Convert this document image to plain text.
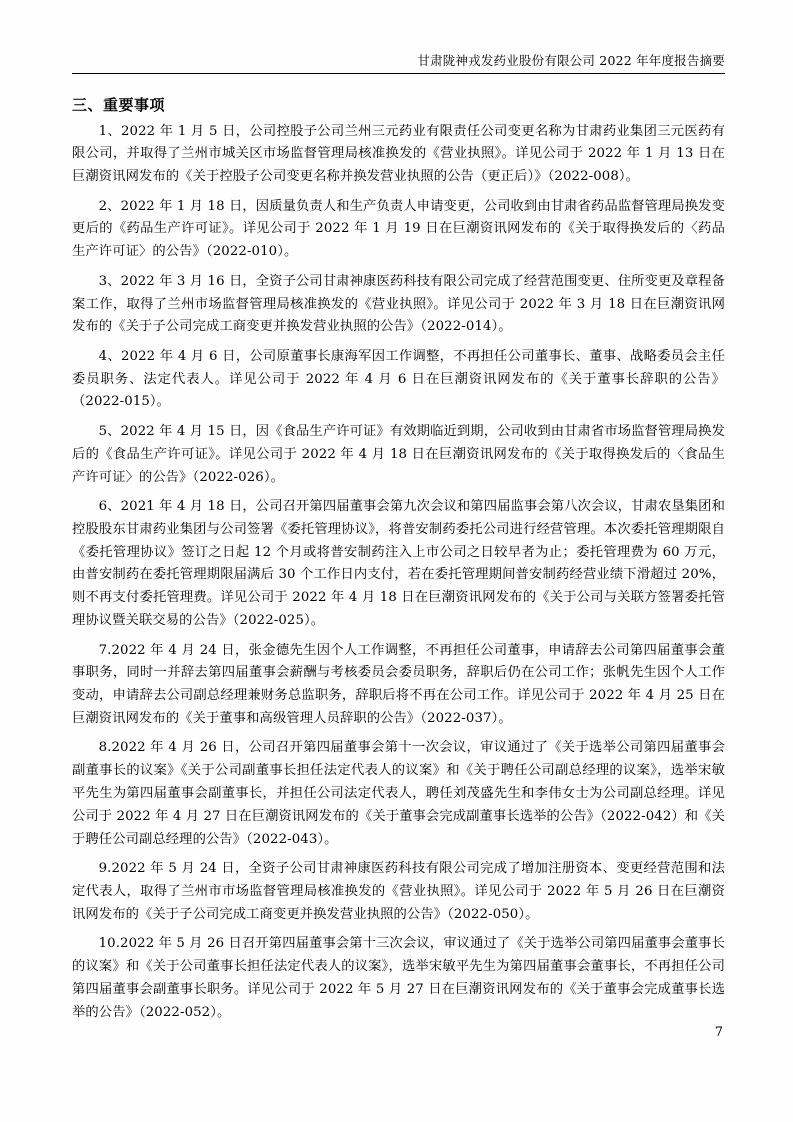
甘肃陇神戎发药业股份有限公司 2022 年年度报告摘要
三、重要事项

1、2022 年 1 月 5 日，公司控股子公司兰州三元药业有限责任公司变更名称为甘肃药业集团三元医药有限公司，并取得了兰州市城关区市场监督管理局核准换发的《营业执照》。详见公司于 2022 年 1 月 13 日在巨潮资讯网发布的《关于控股子公司变更名称并换发营业执照的公告（更正后）》（2022-008）。

2、2022 年 1 月 18 日，因质量负责人和生产负责人申请变更，公司收到由甘肃省药品监督管理局换发变更后的《药品生产许可证》。详见公司于 2022 年 1 月 19 日在巨潮资讯网发布的《关于取得换发后的〈药品生产许可证〉的公告》（2022-010）。

3、2022 年 3 月 16 日，全资子公司甘肃神康医药科技有限公司完成了经营范围变更、住所变更及章程备案工作，取得了兰州市场监督管理局核准换发的《营业执照》。详见公司于 2022 年 3 月 18 日在巨潮资讯网发布的《关于子公司完成工商变更并换发营业执照的公告》（2022-014）。

4、2022 年 4 月 6 日，公司原董事长康海军因工作调整，不再担任公司董事长、董事、战略委员会主任委员职务、法定代表人。详见公司于 2022 年 4 月 6 日在巨潮资讯网发布的《关于董事长辞职的公告》（2022-015）。

5、2022 年 4 月 15 日，因《食品生产许可证》有效期临近到期，公司收到由甘肃省市场监督管理局换发后的《食品生产许可证》。详见公司于 2022 年 4 月 18 日在巨潮资讯网发布的《关于取得换发后的〈食品生产许可证〉的公告》（2022-026）。

6、2021 年 4 月 18 日，公司召开第四届董事会第九次会议和第四届监事会第八次会议，甘肃农垦集团和控股股东甘肃药业集团与公司签署《委托管理协议》，将普安制药委托公司进行经营管理。本次委托管理期限自《委托管理协议》签订之日起 12 个月或将普安制药注入上市公司之日较早者为止；委托管理费为 60 万元，由普安制药在委托管理期限届满后 30 个工作日内支付，若在委托管理期间普安制药经营业绩下滑超过 20%，则不再支付委托管理费。详见公司于 2022 年 4 月 18 日在巨潮资讯网发布的《关于公司与关联方签署委托管理协议暨关联交易的公告》（2022-025）。

7.2022 年 4 月 24 日，张金德先生因个人工作调整，不再担任公司董事，申请辞去公司第四届董事会董事职务，同时一并辞去第四届董事会薪酬与考核委员会委员职务，辞职后仍在公司工作；张帆先生因个人工作变动，申请辞去公司副总经理兼财务总监职务，辞职后将不再在公司工作。详见公司于 2022 年 4 月 25 日在巨潮资讯网发布的《关于董事和高级管理人员辞职的公告》（2022-037）。

8.2022 年 4 月 26 日，公司召开第四届董事会第十一次会议，审议通过了《关于选举公司第四届董事会副董事长的议案》《关于公司副董事长担任法定代表人的议案》和《关于聘任公司副总经理的议案》，选举宋敏平先生为第四届董事会副董事长，并担任公司法定代表人，聘任刘茂盛先生和李伟女士为公司副总经理。详见公司于 2022 年 4 月 27 日在巨潮资讯网发布的《关于董事会完成副董事长选举的公告》（2022-042）和《关于聘任公司副总经理的公告》（2022-043）。

9.2022 年 5 月 24 日，全资子公司甘肃神康医药科技有限公司完成了增加注册资本、变更经营范围和法定代表人，取得了兰州市市场监督管理局核准换发的《营业执照》。详见公司于 2022 年 5 月 26 日在巨潮资讯网发布的《关于子公司完成工商变更并换发营业执照的公告》（2022-050）。

10.2022 年 5 月 26 日召开第四届董事会第十三次会议，审议通过了《关于选举公司第四届董事会董事长的议案》和《关于公司董事长担任法定代表人的议案》，选举宋敏平先生为第四届董事会董事长，不再担任公司第四届董事会副董事长职务。详见公司于 2022 年 5 月 27 日在巨潮资讯网发布的《关于董事会完成董事长选举的公告》（2022-052）。

7
